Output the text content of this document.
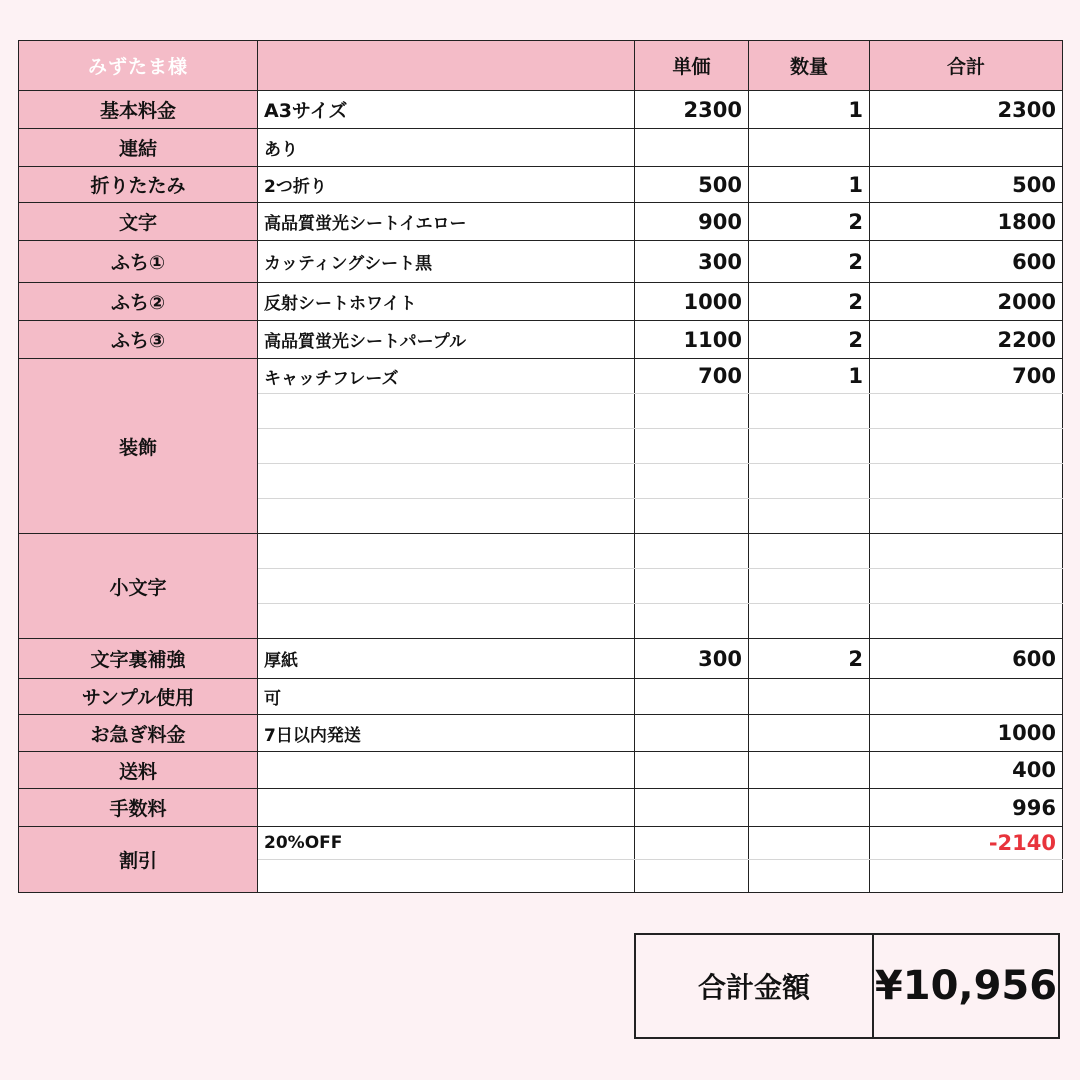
みずたま様		単価	数量	合計
基本料金	A3サイズ	2300	1	2300
連結	あり			
折りたたみ	2つ折り	500	1	500
文字	高品質蛍光シートイエロー	900	2	1800
ふち①	カッティングシート黒	300	2	600
ふち②	反射シートホワイト	1000	2	2000
ふち③	高品質蛍光シートパープル	1100	2	2200
装飾	キャッチフレーズ	700	1	700

小文字				

文字裏補強	厚紙	300	2	600
サンプル使用	可			
お急ぎ料金	7日以内発送			1000
送料				400
手数料				996
割引	20%OFF			-2140

合計金額	¥10,956
